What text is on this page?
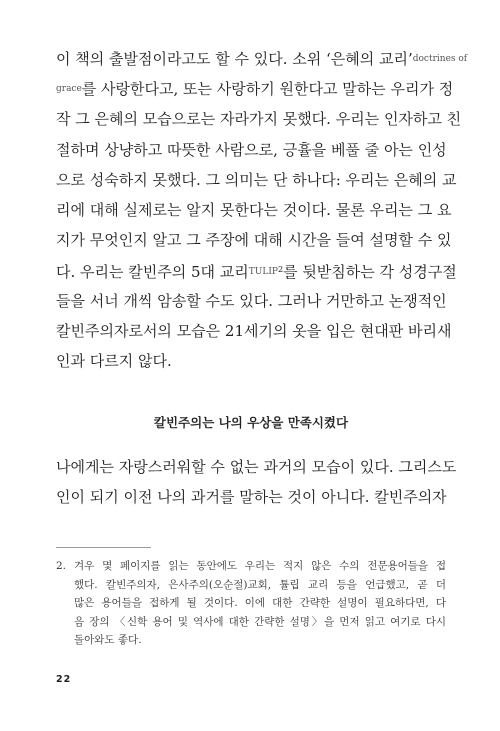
이 책의 출발점이라고도 할 수 있다. 소위 ‘은혜의 교리’$^{doctrines of}$
$^{grace}$를 사랑한다고, 또는 사랑하기 원한다고 말하는 우리가 정
작 그 은혜의 모습으로는 자라가지 못했다. 우리는 인자하고 친
절하며 상냥하고 따뜻한 사람으로, 긍휼을 베풀 줄 아는 인성
으로 성숙하지 못했다. 그 의미는 단 하나다: 우리는 은혜의 교
리에 대해 실제로는 알지 못한다는 것이다. 물론 우리는 그 요
지가 무엇인지 알고 그 주장에 대해 시간을 들여 설명할 수 있
다. 우리는 칼빈주의 5대 교리$^{TULIP2}$를 뒷받침하는 각 성경구절
들을 서너 개씩 암송할 수도 있다. 그러나 거만하고 논쟁적인
칼빈주의자로서의 모습은 21세기의 옷을 입은 현대판 바리새
인과 다르지 않다.
칼빈주의는 나의 우상을 만족시켰다
나에게는 자랑스러워할 수 없는 과거의 모습이 있다. 그리스도
인이 되기 이전 나의 과거를 말하는 것이 아니다. 칼빈주의자
2. 겨우 몇 페이지를 읽는 동안에도 우리는 적지 않은 수의 전문용어들을 접
했다. 칼빈주의자, 은사주의(오순절)교회, 튤립 교리 등을 언급했고, 곧 더
많은 용어들을 접하게 될 것이다. 이에 대한 간략한 설명이 필요하다면, 다
음 장의 〈신학 용어 및 역사에 대한 간략한 설명〉을 먼저 읽고 여기로 다시
돌아와도 좋다.
22
